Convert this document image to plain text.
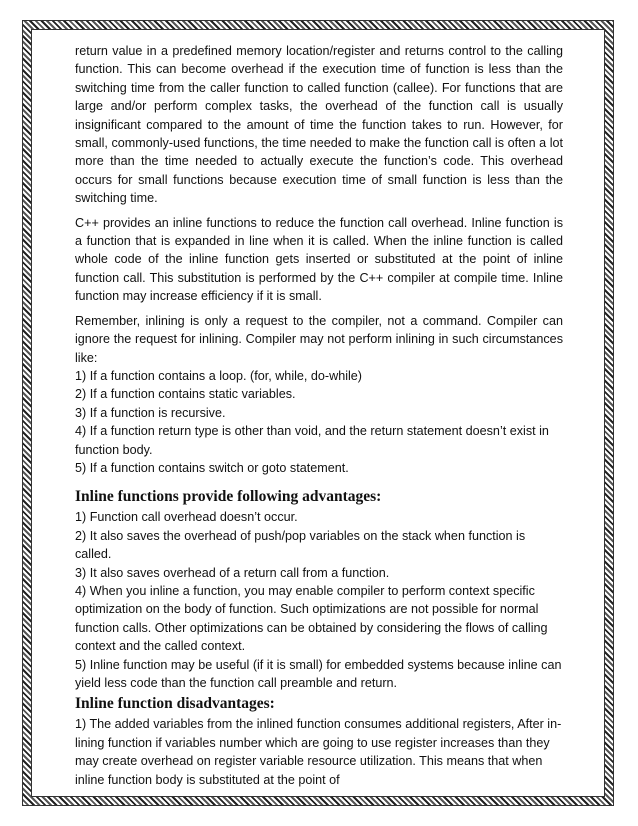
return value in a predefined memory location/register and returns control to the calling function. This can become overhead if the execution time of function is less than the switching time from the caller function to called function (callee). For functions that are large and/or perform complex tasks, the overhead of the function call is usually insignificant compared to the amount of time the function takes to run. However, for small, commonly-used functions, the time needed to make the function call is often a lot more than the time needed to actually execute the function’s code. This overhead occurs for small functions because execution time of small function is less than the switching time.

C++ provides an inline functions to reduce the function call overhead. Inline function is a function that is expanded in line when it is called. When the inline function is called whole code of the inline function gets inserted or substituted at the point of inline function call. This substitution is performed by the C++ compiler at compile time. Inline function may increase efficiency if it is small.

Remember, inlining is only a request to the compiler, not a command. Compiler can ignore the request for inlining. Compiler may not perform inlining in such circumstances like:

1) If a function contains a loop. (for, while, do-while)

2) If a function contains static variables.

3) If a function is recursive.

4) If a function return type is other than void, and the return statement doesn’t exist in function body.

5) If a function contains switch or goto statement.

Inline functions provide following advantages:

1) Function call overhead doesn’t occur.

2) It also saves the overhead of push/pop variables on the stack when function is called.

3) It also saves overhead of a return call from a function.

4) When you inline a function, you may enable compiler to perform context specific optimization on the body of function. Such optimizations are not possible for normal function calls. Other optimizations can be obtained by considering the flows of calling context and the called context.

5) Inline function may be useful (if it is small) for embedded systems because inline can yield less code than the function call preamble and return.

Inline function disadvantages:

1) The added variables from the inlined function consumes additional registers, After in-lining function if variables number which are going to use register increases than they may create overhead on register variable resource utilization. This means that when inline function body is substituted at the point of
